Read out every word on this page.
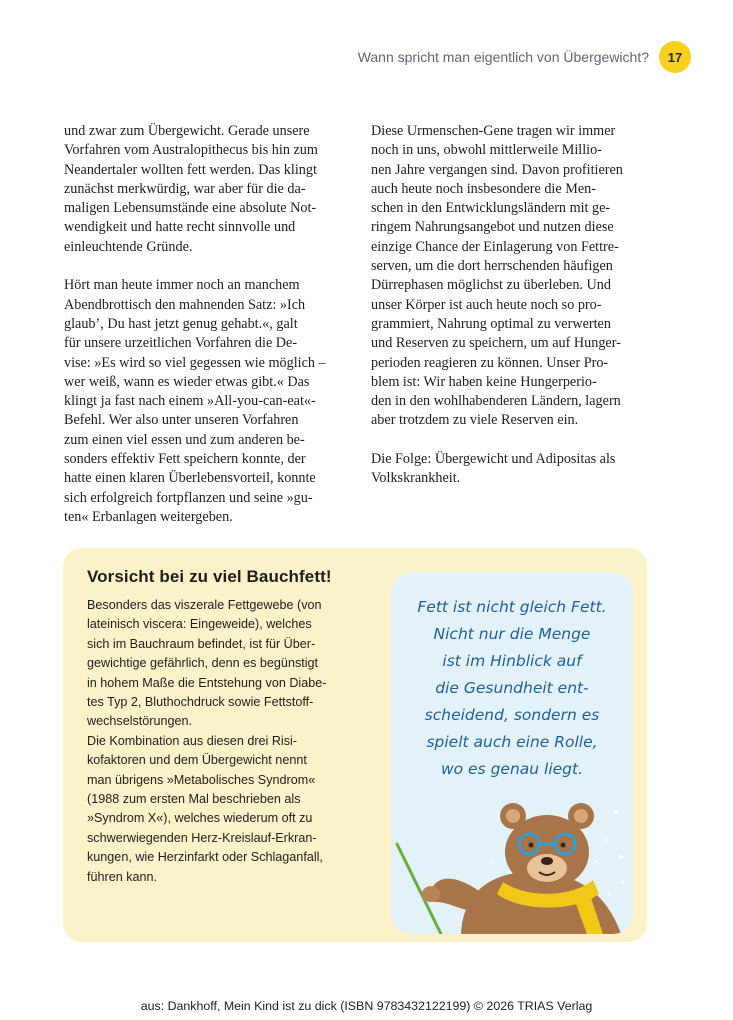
Wann spricht man eigentlich von Übergewicht?	17

und zwar zum Übergewicht. Gerade unsere
Vorfahren vom Australopithecus bis hin zum
Neandertaler wollten fett werden. Das klingt
zunächst merkwürdig, war aber für die da-
maligen Lebensumstände eine absolute Not-
wendigkeit und hatte recht sinnvolle und
einleuchtende Gründe.

Hört man heute immer noch an manchem
Abendbrottisch den mahnenden Satz: »Ich
glaub’, Du hast jetzt genug gehabt.«, galt
für unsere urzeitlichen Vorfahren die De-
vise: »Es wird so viel gegessen wie möglich –
wer weiß, wann es wieder etwas gibt.« Das
klingt ja fast nach einem »All-you-can-eat«-
Befehl. Wer also unter unseren Vorfahren
zum einen viel essen und zum anderen be-
sonders effektiv Fett speichern konnte, der
hatte einen klaren Überlebensvorteil, konnte
sich erfolgreich fortpflanzen und seine »gu-
ten« Erbanlagen weitergeben.

Diese Urmenschen-Gene tragen wir immer
noch in uns, obwohl mittlerweile Millio-
nen Jahre vergangen sind. Davon profitieren
auch heute noch insbesondere die Men-
schen in den Entwicklungsländern mit ge-
ringem Nahrungsangebot und nutzen diese
einzige Chance der Einlagerung von Fettre-
serven, um die dort herrschenden häufigen
Dürrephasen möglichst zu überleben. Und
unser Körper ist auch heute noch so pro-
grammiert, Nahrung optimal zu verwerten
und Reserven zu speichern, um auf Hunger-
perioden reagieren zu können. Unser Pro-
blem ist: Wir haben keine Hungerperio-
den in den wohlhabenderen Ländern, lagern
aber trotzdem zu viele Reserven ein.

Die Folge: Übergewicht und Adipositas als
Volkskrankheit.

Vorsicht bei zu viel Bauchfett!
Besonders das viszerale Fettgewebe (von
lateinisch viscera: Eingeweide), welches
sich im Bauchraum befindet, ist für Über-
gewichtige gefährlich, denn es begünstigt
in hohem Maße die Entstehung von Diabe-
tes Typ 2, Bluthochdruck sowie Fettstoff-
wechselstörungen.
Die Kombination aus diesen drei Risi-
kofaktoren und dem Übergewicht nennt
man übrigens »Metabolisches Syndrom«
(1988 zum ersten Mal beschrieben als
»Syndrom X«), welches wiederum oft zu
schwerwiegenden Herz-Kreislauf-Erkran-
kungen, wie Herzinfarkt oder Schlaganfall,
führen kann.
Fett ist nicht gleich Fett.
Nicht nur die Menge
ist im Hinblick auf
die Gesundheit ent-
scheidend, sondern es
spielt auch eine Rolle,
wo es genau liegt.
aus: Dankhoff, Mein Kind ist zu dick (ISBN 9783432122199) © 2026 TRIAS Verlag
